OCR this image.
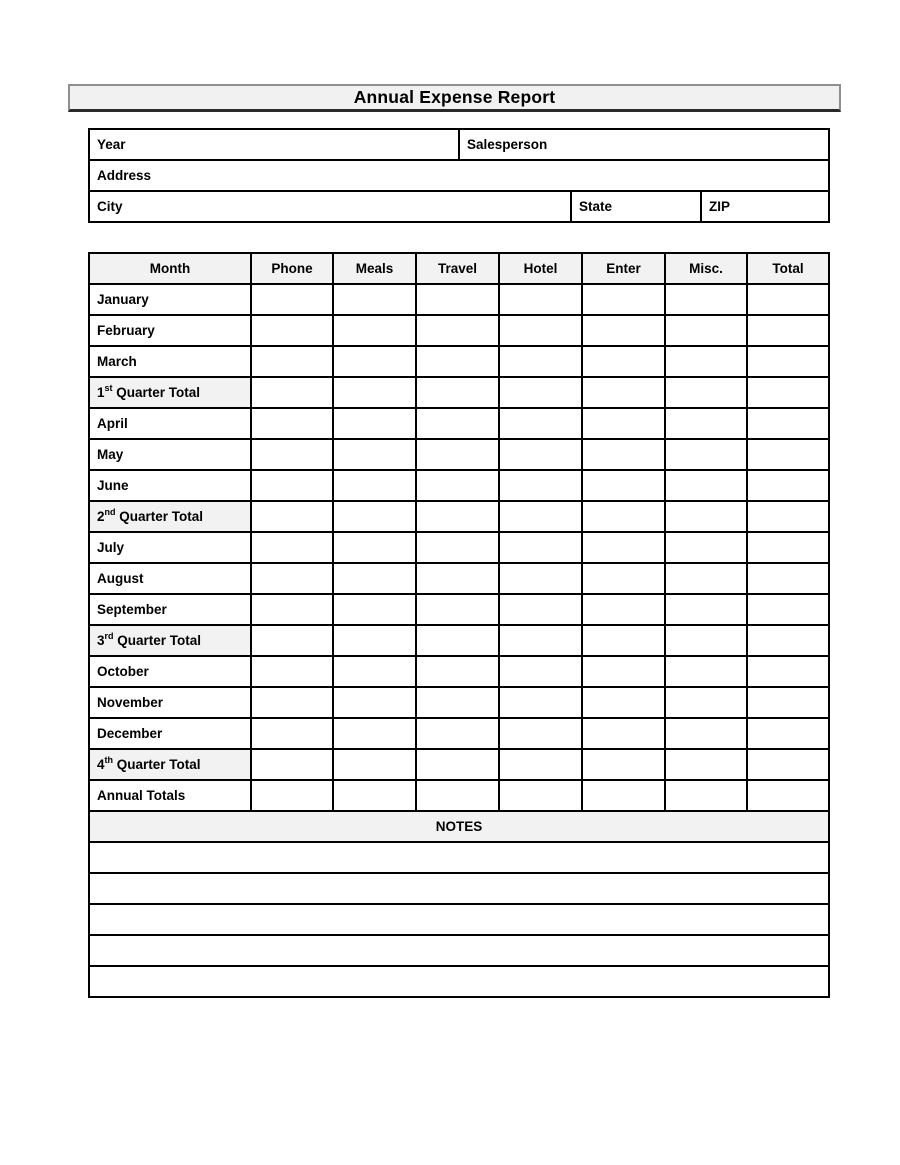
Annual Expense Report
Year	Salesperson		
Address			
City		State	ZIP
Month	Phone	Meals	Travel	Hotel	Enter	Misc.	Total
January							
February							
March							
1st Quarter Total							
April							
May							
June							
2nd Quarter Total							
July							
August							
September							
3rd Quarter Total							
October							
November							
December							
4th Quarter Total							
Annual Totals							
NOTES							
